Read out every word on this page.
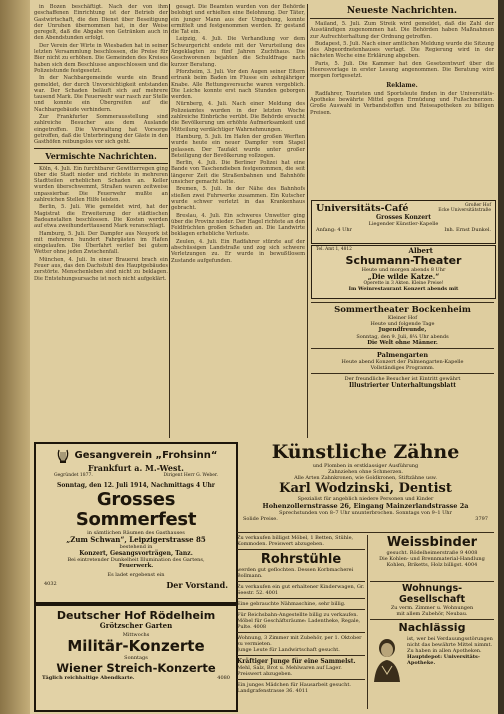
in Bozen beschäftigt. Nach der von ihm geschaffenen Einrichtung ist der Betrieb der Gastwirtschaft, die den Dienst über Beseitigung der Unruhen übernommen hat, in der Weise geregelt, daß die Abgabe von Getränken auch in den Abendstunden erfolgt.

Der Verein der Wirte in Wiesbaden hat in seiner letzten Versammlung beschlossen, die Preise für Bier nicht zu erhöhen. Die Gemeinden des Kreises haben sich dem Beschlusse angeschlossen und die Polizeistunde festgesetzt.

In der Nachbargemeinde wurde ein Brand gemeldet, der durch Unvorsichtigkeit entstanden war. Der Schaden beläuft sich auf mehrere tausend Mark. Die Feuerwehr war rasch zur Stelle und konnte ein Übergreifen auf die Nachbargebäude verhindern.

Zur Frankfurter Sommerausstellung sind zahlreiche Besucher aus dem Auslande eingetroffen. Die Verwaltung hat Vorsorge getroffen, daß die Unterbringung der Gäste in den Gasthöfen reibungslos vor sich geht.

Vermischte Nachrichten.

Köln, 4. Juli. Ein furchtbarer Gewitterregen ging über die Stadt nieder und richtete in mehreren Stadtteilen erheblichen Schaden an. Keller wurden überschwemmt, Straßen waren zeitweise unpassierbar. Die Feuerwehr mußte an zahlreichen Stellen Hilfe leisten.

Berlin, 5. Juli. Wie gemeldet wird, hat der Magistrat die Erweiterung der städtischen Badeanstalten beschlossen. Die Kosten werden auf etwa zweihunderttausend Mark veranschlagt.

Hamburg, 5. Juli. Der Dampfer aus Neuyork ist mit mehreren hundert Fahrgästen im Hafen eingelaufen. Die Überfahrt verlief bei gutem Wetter ohne jeden Zwischenfall.

München, 4. Juli. In einer Brauerei brach ein Feuer aus, das den Dachstuhl des Hauptgebäudes zerstörte. Menschenleben sind nicht zu beklagen. Die Entstehungsursache ist noch nicht aufgeklärt.

gesagt. Die Beamten wurden von der Behörde belobigt und erhielten eine Belohnung. Der Täter, ein junger Mann aus der Umgebung, konnte ermittelt und festgenommen werden. Er gestand die Tat ein.

Leipzig, 4. Juli. Die Verhandlung vor dem Schwurgericht endete mit der Verurteilung des Angeklagten zu fünf Jahren Zuchthaus. Die Geschworenen bejahten die Schuldfrage nach kurzer Beratung.

Pforzheim, 3. Juli. Vor den Augen seiner Eltern ertrank beim Baden im Flusse ein zehnjähriger Knabe. Alle Rettungsversuche waren vergeblich. Die Leiche konnte erst nach Stunden geborgen werden.

Nürnberg, 4. Juli. Nach einer Meldung des Polizeiamtes wurden in der letzten Woche zahlreiche Einbrüche verübt. Die Behörde ersucht die Bevölkerung um erhöhte Aufmerksamkeit und Mitteilung verdächtiger Wahrnehmungen.

Hamburg, 5. Juli. Im Hafen der großen Werften wurde heute ein neuer Dampfer vom Stapel gelassen. Der Taufakt wurde unter großer Beteiligung der Bevölkerung vollzogen.

Berlin, 4. Juli. Die Berliner Polizei hat eine Bande von Taschendieben festgenommen, die seit längerer Zeit die Straßenbahnen und Bahnhöfe unsicher gemacht hatte.

Bremen, 5. Juli. In der Nähe des Bahnhofs stießen zwei Fuhrwerke zusammen. Ein Kutscher wurde schwer verletzt in das Krankenhaus gebracht.

Breslau, 4. Juli. Ein schweres Unwetter ging über die Provinz nieder. Der Hagel richtete an den Feldfrüchten großen Schaden an. Die Landwirte beklagen erhebliche Verluste.

Zeulen, 4. Juli. Ein Radfahrer stürzte auf der abschüssigen Landstraße und zog sich schwere Verletzungen zu. Er wurde in bewußtlosem Zustande aufgefunden.

Neueste Nachrichten.

Mailand, 5. Juli. Zum Streik wird gemeldet, daß die Zahl der Ausständigen zugenommen hat. Die Behörden haben Maßnahmen zur Aufrechterhaltung der Ordnung getroffen.

Budapest, 5. Juli. Nach einer amtlichen Meldung wurde die Sitzung des Abgeordnetenhauses vertagt. Die Regierung wird in der nächsten Woche eine Erklärung abgeben.

Paris, 5. Juli. Die Kammer hat den Gesetzentwurf über die Heeresvorlage in erster Lesung angenommen. Die Beratung wird morgen fortgesetzt.

Reklame.

Radfahrer, Touristen und Sportsleute finden in der Universitäts-Apotheke bewährte Mittel gegen Ermüdung und Fußschmerzen. Große Auswahl in Verbandstoffen und Reiseapotheken zu billigen Preisen.

Universitäts-Café	Großer Hof
Ecke Universitätstraße
Grosses Konzert
Liegender Künstler-Kapelle
Anfang: 4 Uhr	Inh. Ernst Dunkel.
Tel. Amt 1, 4812	Albert

Schumann-Theater
Heute und morgen abends 8 Uhr
„Die wilde Katze.“
Operette in 3 Akten. Kleine Preise!
Im Weinrestaurant Konzert abends mit
Sommertheater Bockenheim
Kleiner Hof
Heute und folgende Tage
Jugendfreunde,
Sonntag, den 9. Juli, 8¼ Uhr abends
Die Welt ohne Männer.
Palmengarten
Heute abend Konzert der Palmengarten-Kapelle
Vollständiges Programm.
Der freundliche Besucher ist Eintritt gewährt
Illustrierter Unterhaltungsblatt
Gesangverein „Frohsinn“
Frankfurt a. M.-West.
Gegründet 1877.	Dirigent Herr G. Weber.
Sonntag, den 12. Juli 1914, Nachmittags 4 Uhr
Grosses Sommerfest
in sämtlichen Räumen des Gasthauses
„Zum Schwan“, Leipzigerstrasse 85
bestehend in
Konzert, Gesangsvorträgen, Tanz.
Bei eintretender Dunkelheit Illumination des Gartens,
Feuerwerk.
Es ladet ergebenst ein
4032	Der Vorstand.
Deutscher Hof Rödelheim
Grötzscher Garten
Mittwochs
Militär-Konzerte
Sonntags
Wiener Streich-Konzerte
Täglich reichhaltige Abendkarte.	4080
Künstliche Zähne
und Plomben in erstklassiger Ausführung
Zahnziehen ohne Schmerzen.
Alle Arten Zahnkronen, wie Goldkronen, Stiftzähne usw.
Karl Wodzinski, Dentist
Spezialist für angeblich niedere Personen und Kinder
Hohenzollernstrasse 26, Eingang Mainzerlandstrasse 2a
Sprechstunden von 8–7 Uhr ununterbrochen. Sonntags von 9–1 Uhr
Solide Preise.	3797
Zu verkaufen billigst Möbel, 1 Betten, Stühle, Kommoden. Preiswert abzugeben.
Rohrstühle
werden gut geflochten. Dessen Korbmacherei Bollmann.
Zu verkaufen ein gut erhaltener Kinderwagen, Gr. Seestr. 52. 4001
Eine gebrauchte Nähmaschine, sehr billig.
Für Reichsbahn-Angestellte billig zu verkaufen.
Möbel für Geschäftsräume: Ladentheke, Regale, Pulte. 4008
Wohnung, 3 Zimmer mit Zubehör, per 1. Oktober zu vermieten.
Junge Leute für Landwirtschaft gesucht.
Kräftiger Junge für eine Sammelst.
Mehl, Salz, Brot u. Mehlwaren auf Lager. Preiswert abzugeben.
Ein junges Mädchen für Hausarbeit gesucht. Landgrafenstrasse 36. 4011
Weissbinder
gesucht. Rödelheimerstraße 9 4008
Die Kohlen- und Brennmaterial-Handlung
Kohlen, Briketts, Holz billigst. 4004
Wohnungs-Gesellschaft
Zu verm. Zimmer u. Wohnungen
mit allem Zubehör, Neubau.
Nachlässig
ist, wer bei Verdauungsstörungen nicht das bewährte Mittel nimmt.
Zu haben in allen Apotheken.
Hauptdepot: Universitäts-Apotheke.
